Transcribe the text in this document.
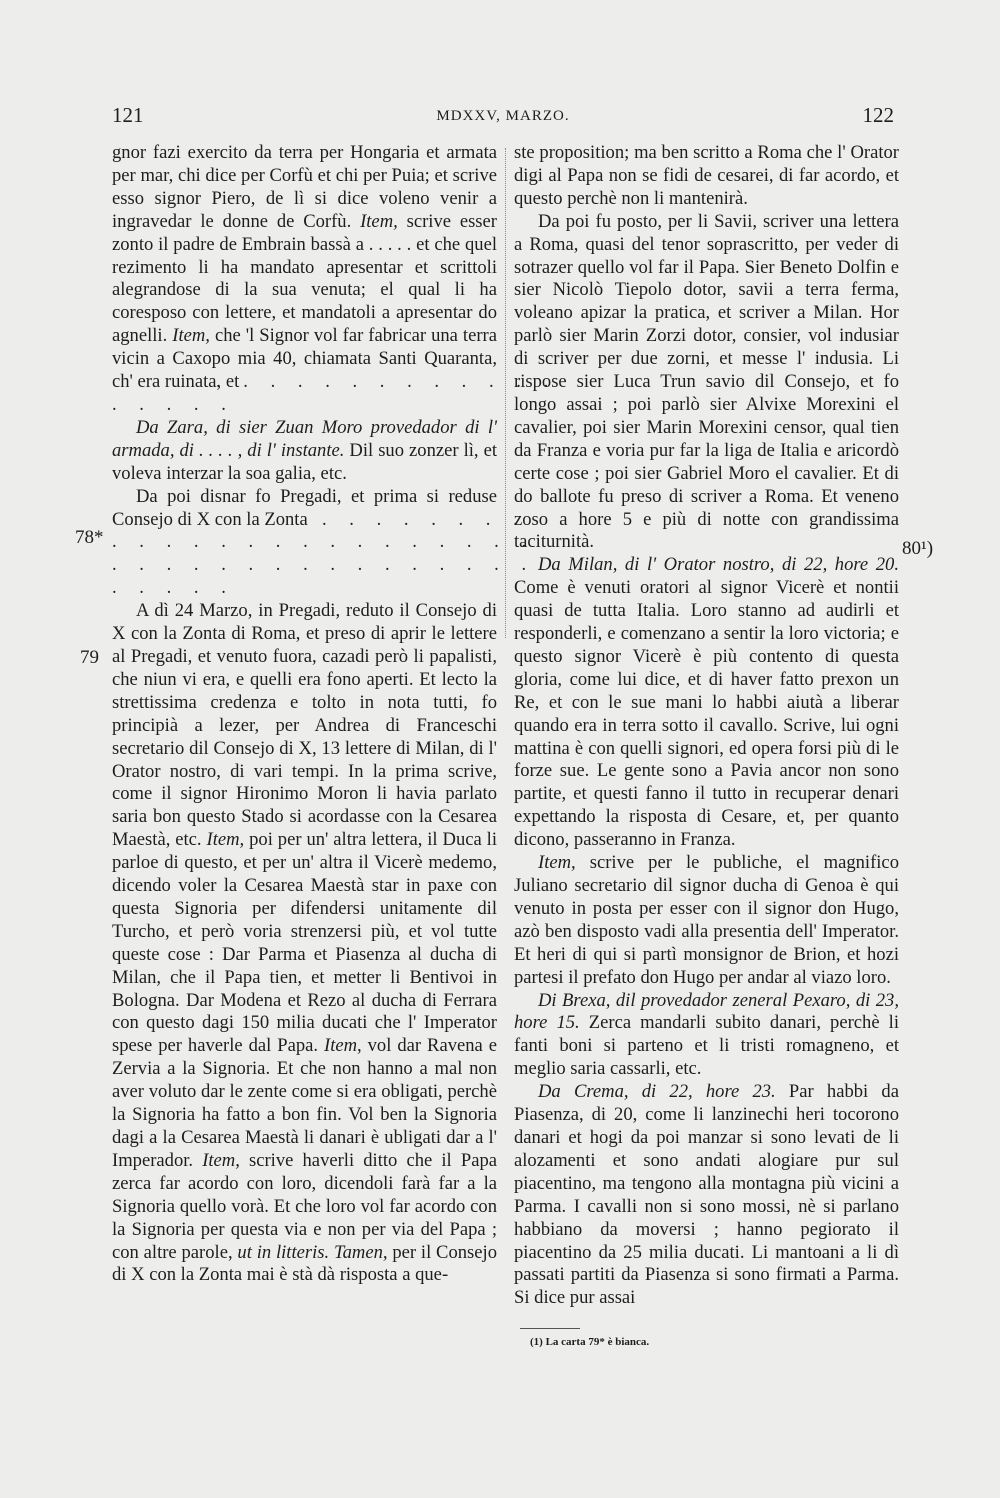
121	MDXXV, MARZO.	122
78*
79
80¹)

gnor fazi exercito da terra per Hongaria et armata per mar, chi dice per Corfù et chi per Puia; et scrive esso signor Piero, de lì si dice voleno venir a ingravedar le donne de Corfù. Item, scrive esser zonto il padre de Embrain bassà a . . . . . et che quel rezimento li ha mandato apresentar et scrittoli alegrandose di la sua venuta; el qual li ha coresposo con lettere, et mandatoli a apresentar do agnelli. Item, che 'l Signor vol far fabricar una terra vicin a Caxopo mia 40, chiamata Santi Quaranta, ch' era ruinata, et

. . . . . . . . . . . . .
. . . . .

Da Zara, di sier Zuan Moro provedador di l' armada, di . . . . , di l' instante. Dil suo zonzer lì, et voleva interzar la soa galia, etc.

Da poi disnar fo Pregadi, et prima si reduse Consejo di X con la Zonta . . . . . . . .
. . . . . . . . . . . . . . . .
. . . . . . . . . . . . . . . .
. . . . .

A dì 24 Marzo, in Pregadi, reduto il Consejo di X con la Zonta di Roma, et preso di aprir le lettere al Pregadi, et venuto fuora, cazadi però li papalisti, che niun vi era, e quelli era fono aperti. Et lecto la strettissima credenza e tolto in nota tutti, fo principià a lezer, per Andrea di Franceschi secretario dil Consejo di X, 13 lettere di Milan, di l' Orator nostro, di vari tempi. In la prima scrive, come il signor Hironimo Moron li havia parlato saria bon questo Stado si acordasse con la Cesarea Maestà, etc. Item, poi per un' altra lettera, il Duca li parloe di questo, et per un' altra il Vicerè medemo, dicendo voler la Cesarea Maestà star in paxe con questa Signoria per difendersi unitamente dil Turcho, et però voria strenzersi più, et vol tutte queste cose : Dar Parma et Piasenza al ducha di Milan, che il Papa tien, et metter li Bentivoi in Bologna. Dar Modena et Rezo al ducha di Ferrara con questo dagi 150 milia ducati che l' Imperator spese per haverle dal Papa. Item, vol dar Ravena e Zervia a la Signoria. Et che non hanno a mal non aver voluto dar le zente come si era obligati, perchè la Signoria ha fatto a bon fin. Vol ben la Signoria dagi a la Cesarea Maestà li danari è ubligati dar a l' Imperador. Item, scrive haverli ditto che il Papa zerca far acordo con loro, dicendoli farà far a la Signoria quello vorà. Et che loro vol far acordo con la Signoria per questa via e non per via del Papa ; con altre parole, ut in litteris. Tamen, per il Consejo di X con la Zonta mai è stà dà risposta a que-

ste proposition; ma ben scritto a Roma che l' Orator digi al Papa non se fidi de cesarei, di far acordo, et questo perchè non li mantenirà.

Da poi fu posto, per li Savii, scriver una lettera a Roma, quasi del tenor soprascritto, per veder di sotrazer quello vol far il Papa. Sier Beneto Dolfin e sier Nicolò Tiepolo dotor, savii a terra ferma, voleano apizar la pratica, et scriver a Milan. Hor parlò sier Marin Zorzi dotor, consier, vol indusiar di scriver per due zorni, et messe l' indusia. Li rispose sier Luca Trun savio dil Consejo, et fo longo assai ; poi parlò sier Alvixe Morexini el cavalier, poi sier Marin Morexini censor, qual tien da Franza e voria pur far la liga de Italia e aricordò certe cose ; poi sier Gabriel Moro el cavalier. Et di do ballote fu preso di scriver a Roma. Et veneno zoso a hore 5 e più di notte con grandissima taciturnità.

Da Milan, di l' Orator nostro, di 22, hore 20. Come è venuti oratori al signor Vicerè et nontii quasi de tutta Italia. Loro stanno ad audirli et responderli, e comenzano a sentir la loro victoria; e questo signor Vicerè è più contento di questa gloria, come lui dice, et di haver fatto prexon un Re, et con le sue mani lo habbi aiutà a liberar quando era in terra sotto il cavallo. Scrive, lui ogni mattina è con quelli signori, ed opera forsi più di le forze sue. Le gente sono a Pavia ancor non sono partite, et questi fanno il tutto in recuperar denari expettando la risposta di Cesare, et, per quanto dicono, passeranno in Franza.

Item, scrive per le publiche, el magnifico Juliano secretario dil signor ducha di Genoa è qui venuto in posta per esser con il signor don Hugo, azò ben disposto vadi alla presentia dell' Imperator. Et heri di qui si partì monsignor de Brion, et hozi partesi il prefato don Hugo per andar al viazo loro.

Di Brexa, dil provedador zeneral Pexaro, di 23, hore 15. Zerca mandarli subito danari, perchè li fanti boni si parteno et li tristi romagneno, et meglio saria cassarli, etc.

Da Crema, di 22, hore 23. Par habbi da Piasenza, di 20, come li lanzinechi heri tocorono danari et hogi da poi manzar si sono levati de li alozamenti et sono andati alogiare pur sul piacentino, ma tengono alla montagna più vicini a Parma. I cavalli non si sono mossi, nè si parlano habbiano da moversi ; hanno pegiorato il piacentino da 25 milia ducati. Li mantoani a li dì passati partiti da Piasenza si sono firmati a Parma. Si dice pur assai

(1) La carta 79* è bianca.
